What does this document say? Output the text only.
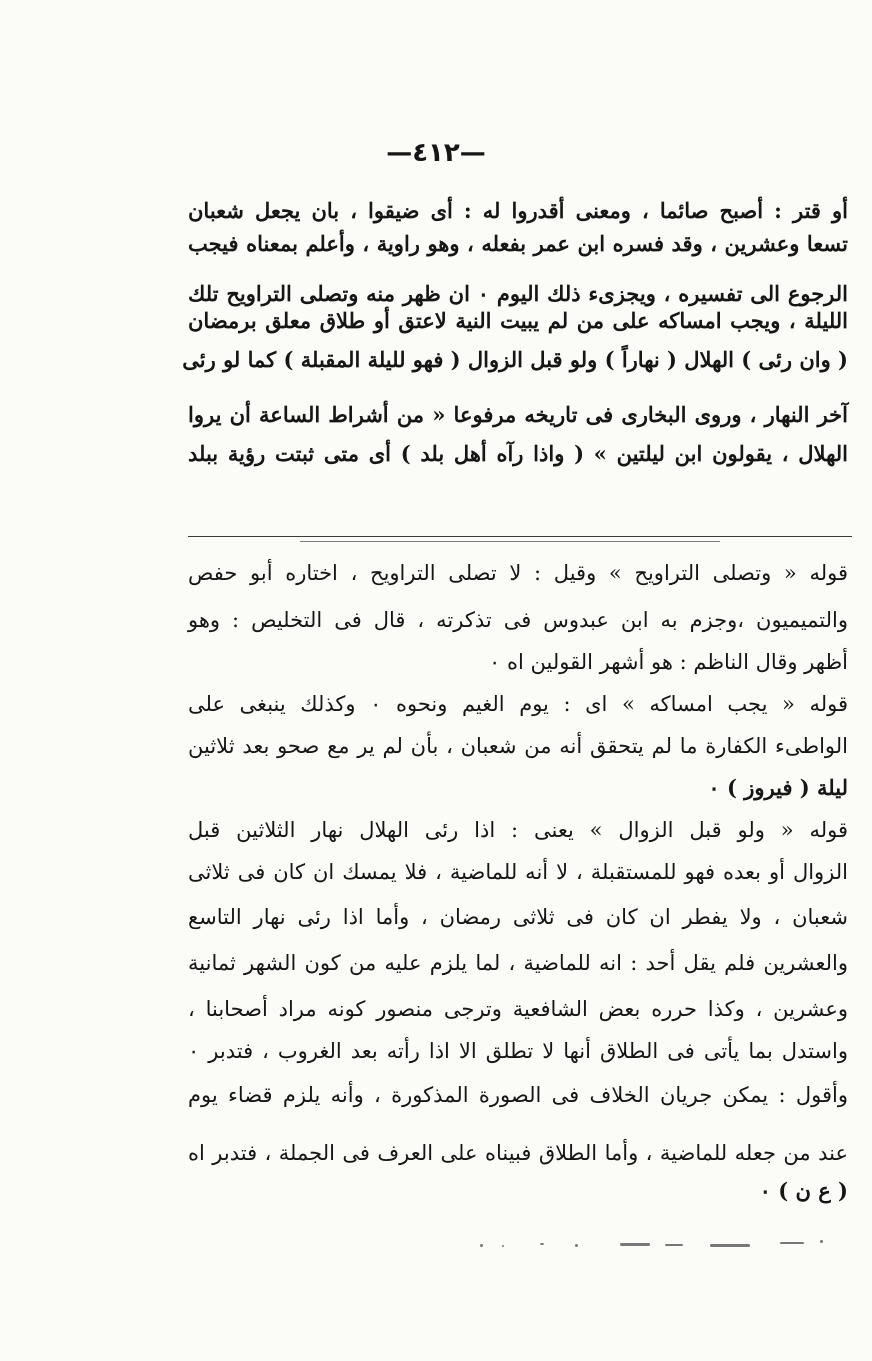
—٤١٢—
أو قتر : أصبح صائما ، ومعنى أقدروا له : أى ضيقوا ، بان يجعل شعبان
تسعا وعشرين ، وقد فسره ابن عمر بفعله ، وهو راوية ، وأعلم بمعناه فيجب
الرجوع الى تفسيره ، ويجزىء ذلك اليوم ٠ ان ظهر منه وتصلى التراويح تلك
الليلة ، ويجب امساكه على من لم يبيت النية لاعتق أو طلاق معلق برمضان
( وان رئى ) الهلال ( نهاراً ) ولو قبل الزوال ( فهو لليلة المقبلة ) كما لو رئى
آخر النهار ، وروى البخارى فى تاريخه مرفوعا « من أشراط الساعة أن يروا
الهلال ، يقولون ابن ليلتين » ( واذا رآه أهل بلد ) أى متى ثبتت رؤية ببلد
قوله « وتصلى التراويح » وقيل : لا تصلى التراويح ، اختاره أبو حفص
والتميميون ،وجزم به ابن عبدوس فى تذكرته ، قال فى التخليص : وهو
أظهر وقال الناظم : هو أشهر القولين اه ٠
قوله « يجب امساكه » اى : يوم الغيم ونحوه ٠ وكذلك ينبغى على
الواطىء الكفارة ما لم يتحقق أنه من شعبان ، بأن لم ير مع صحو بعد ثلاثين
ليلة ( فيروز ) ٠
قوله « ولو قبل الزوال » يعنى : اذا رئى الهلال نهار الثلاثين قبل
الزوال أو بعده فهو للمستقبلة ، لا أنه للماضية ، فلا يمسك ان كان فى ثلاثى
شعبان ، ولا يفطر ان كان فى ثلاثى رمضان ، وأما اذا رئى نهار التاسع
والعشرين فلم يقل أحد : انه للماضية ، لما يلزم عليه من كون الشهر ثمانية
وعشرين ، وكذا حرره بعض الشافعية وترجى منصور كونه مراد أصحابنا ،
واستدل بما يأتى فى الطلاق أنها لا تطلق الا اذا رأته بعد الغروب ، فتدبر ٠
وأقول : يمكن جريان الخلاف فى الصورة المذكورة ، وأنه يلزم قضاء يوم
عند من جعله للماضية ، وأما الطلاق فبيناه على العرف فى الجملة ، فتدبر اه
( ع ن ) ٠
